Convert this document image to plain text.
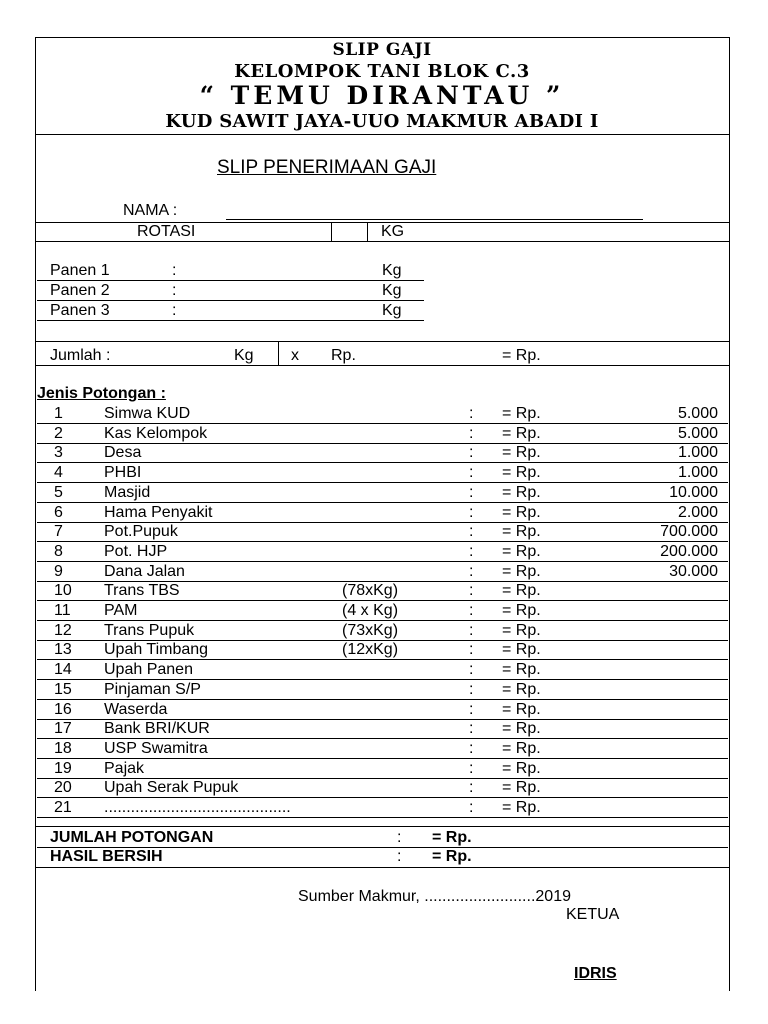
SLIP GAJI
KELOMPOK TANI BLOK C.3
“ TEMU DIRANTAU ”
KUD SAWIT JAYA-UUO MAKMUR ABADI I
SLIP PENERIMAAN GAJI
NAMA :
ROTASI	KG
Panen 1	:	Kg
Panen 2	:	Kg
Panen 3	:	Kg
Jumlah :	Kg x Rp.	= Rp.
Jenis Potongan :
1	Simwa KUD	: = Rp.	5.000
2	Kas Kelompok	: = Rp.	5.000
3	Desa	: = Rp.	1.000
4	PHBI	: = Rp.	1.000
5	Masjid	: = Rp.	10.000
6	Hama Penyakit	: = Rp.	2.000
7	Pot.Pupuk	: = Rp.	700.000
8	Pot. HJP	: = Rp.	200.000
9	Dana Jalan	: = Rp.	30.000
10 Trans TBS	(78xKg)	: = Rp.
11 PAM	(4 x Kg)	: = Rp.
12 Trans Pupuk	(73xKg)	: = Rp.
13 Upah Timbang	(12xKg)	: = Rp.
14 Upah Panen	: = Rp.
15 Pinjaman S/P	: = Rp.
16 Waserda	: = Rp.
17 Bank BRI/KUR	: = Rp.
18 USP Swamitra	: = Rp.
19 Pajak	: = Rp.
20 Upah Serak Pupuk	: = Rp.
21 ..........................................	: = Rp.
JUMLAH POTONGAN	: = Rp.
HASIL BERSIH	: = Rp.
Sumber Makmur, .........................2019
KETUA
IDRIS
